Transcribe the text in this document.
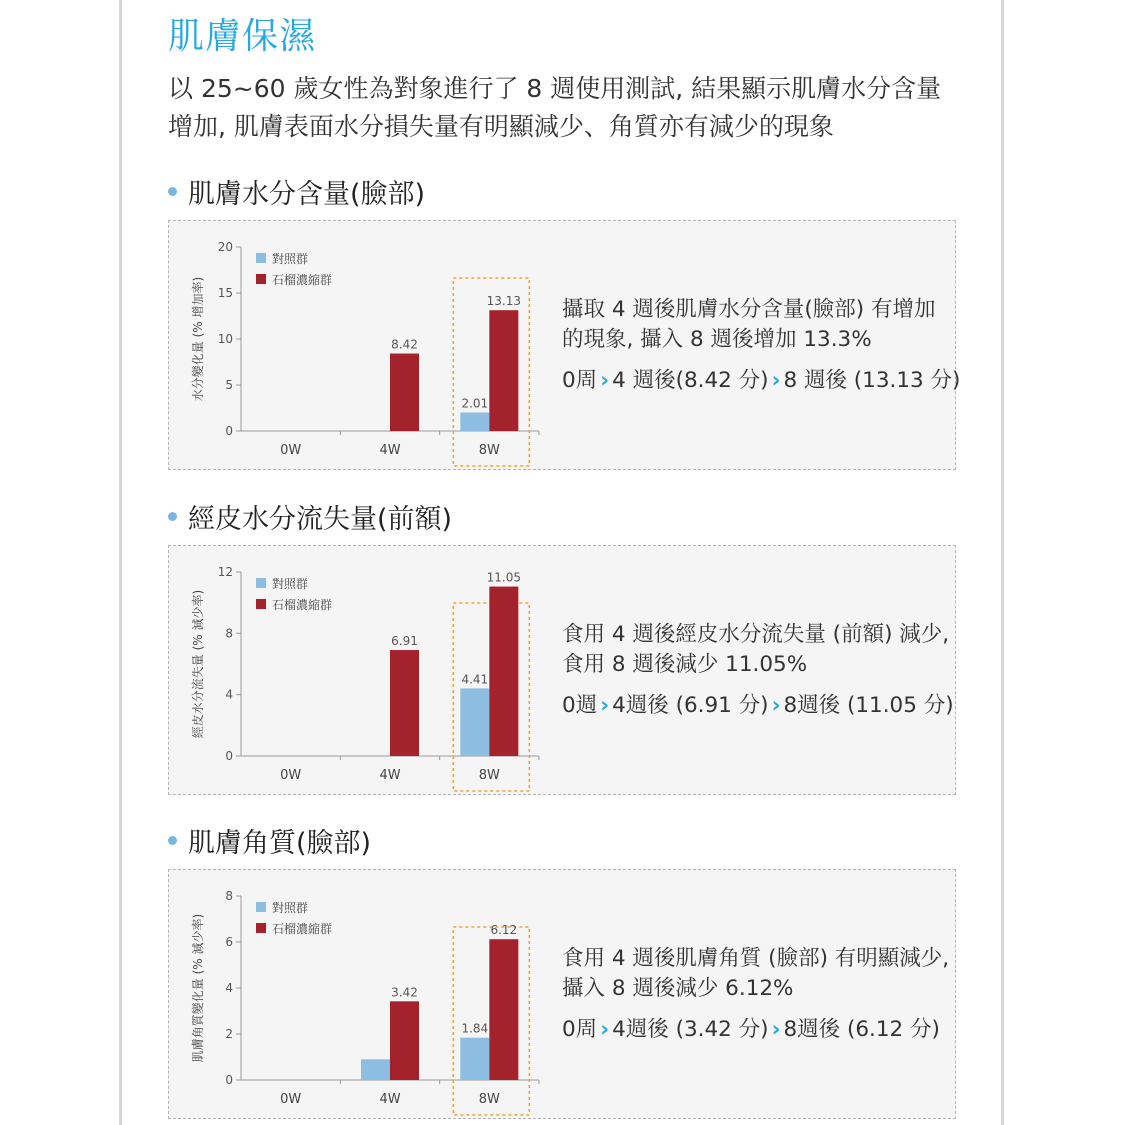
肌膚保濕
以 25~60 歲女性為對象進行了 8 週使用測試, 結果顯示肌膚水分含量
增加, 肌膚表面水分損失量有明顯減少、角質亦有減少的現象
肌膚水分含量(臉部)
水分變化量 (% 增加率)
0
5
10
15
20
0W	4W	8W
2.01
8.42
13.13
對照群
石榴濃縮群
攝取 4 週後肌膚水分含量(臉部) 有增加
的現象, 攝入 8 週後增加 13.3%
0周 › 4 週後(8.42 分) › 8 週後 (13.13 分)
經皮水分流失量(前額)
經皮水分流失量 (% 減少率)
0
4
8
12
0W	4W	8W
4.41
6.91
11.05
對照群
石榴濃縮群
食用 4 週後經皮水分流失量 (前額) 減少,
食用 8 週後減少 11.05%
0週 › 4週後 (6.91 分) › 8週後 (11.05 分)
肌膚角質(臉部)
肌膚角質變化量 (% 減少率)
0
2
4
6
8
0W	4W	8W
1.84
3.42
6.12
對照群
石榴濃縮群
食用 4 週後肌膚角質 (臉部) 有明顯減少,
攝入 8 週後減少 6.12%
0周 › 4週後 (3.42 分) › 8週後 (6.12 分)
